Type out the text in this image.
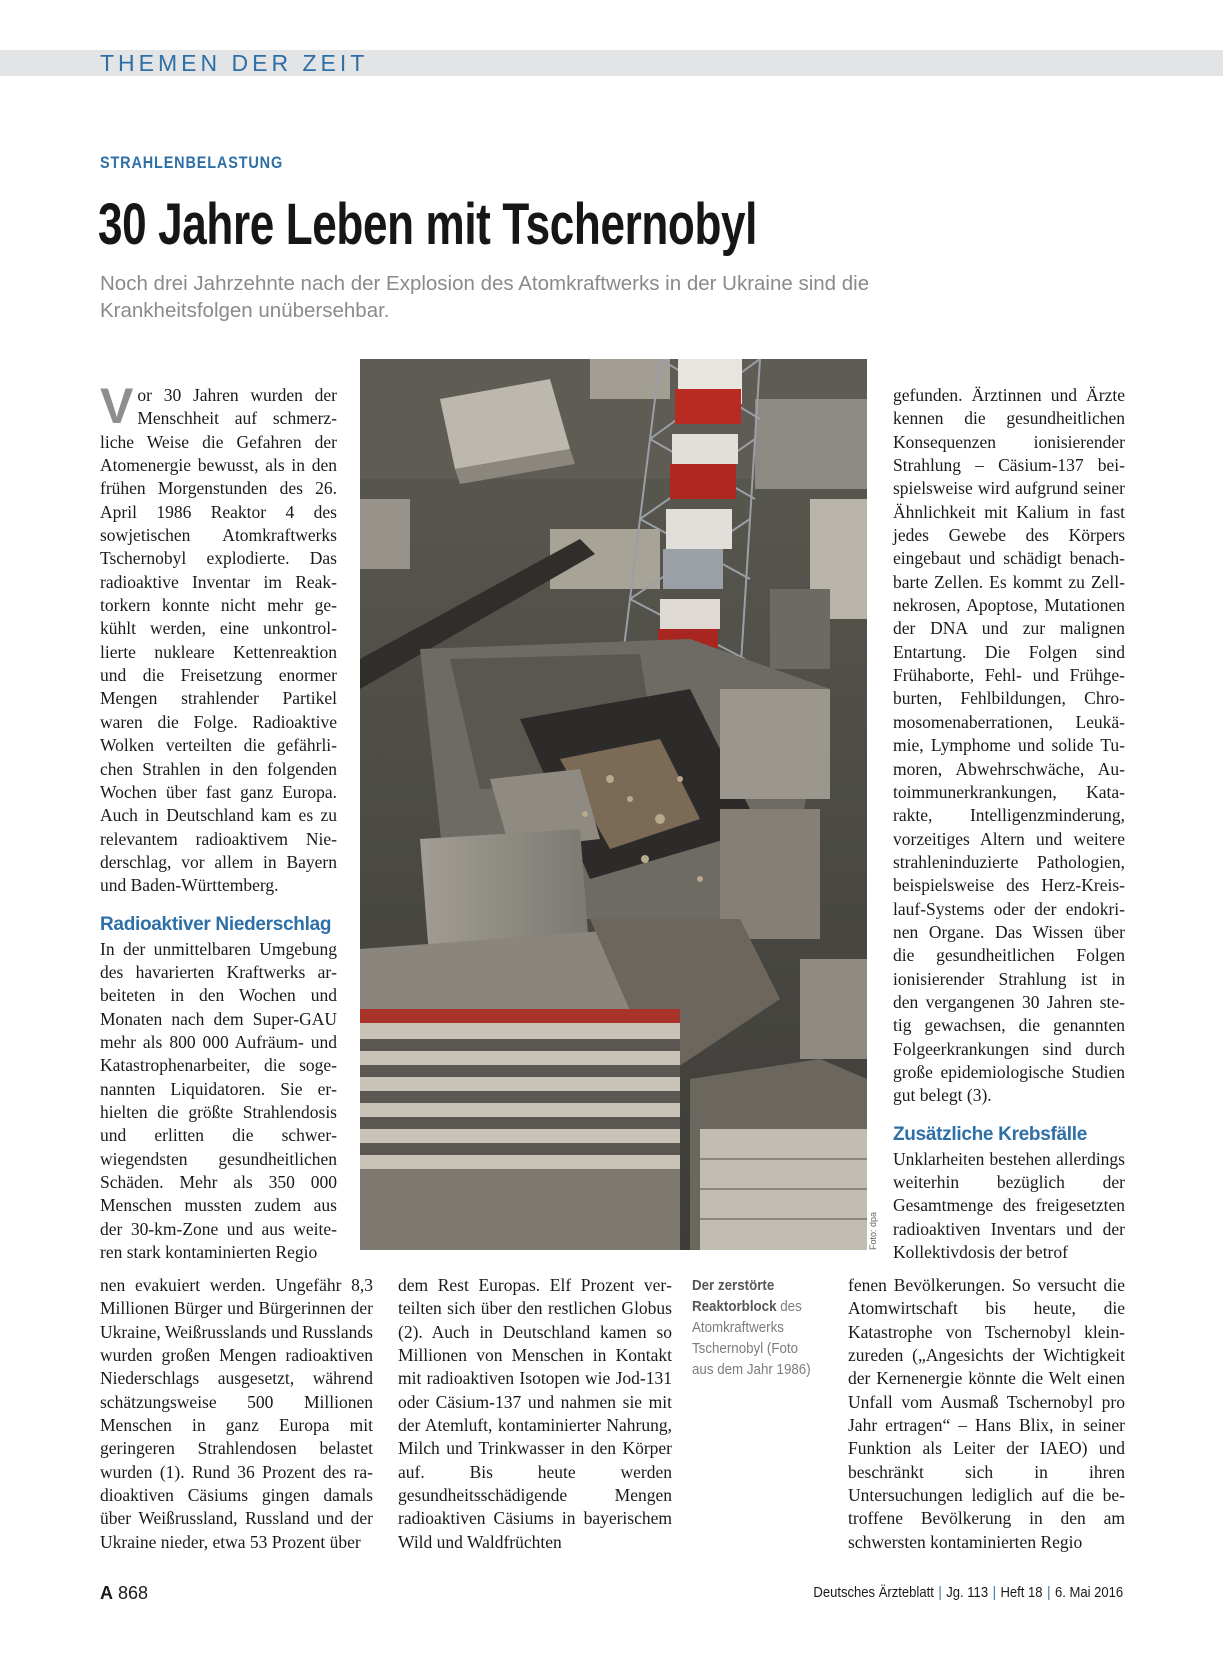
THEMEN DER ZEIT
STRAHLENBELASTUNG
30 Jahre Leben mit Tschernobyl
Noch drei Jahrzehnte nach der Explosion des Atomkraftwerks in der Ukraine sind die Krankheitsfolgen unübersehbar.

Vor 30 Jahren wurden der Menschheit auf schmerzliche Weise die Gefahren der Atomenergie bewusst, als in den frühen Morgenstunden des 26. April 1986 Reaktor 4 des sowjetischen Atomkraftwerks Tschernobyl explodierte. Das radioaktive Inventar im Reaktorkern konnte nicht mehr gekühlt werden, eine unkontrollierte nukleare Kettenreaktion und die Freisetzung enormer Mengen strahlender Partikel waren die Folge. Radioaktive Wolken verteilten die gefährlichen Strahlen in den folgenden Wochen über fast ganz Europa. Auch in Deutschland kam es zu relevantem radioaktivem Niederschlag, vor allem in Bayern und Baden-Württemberg.

Radioaktiver Niederschlag

In der unmittelbaren Umgebung des havarierten Kraftwerks arbeiteten in den Wochen und Monaten nach dem Super-GAU mehr als 800 000 Aufräum- und Katastrophenarbeiter, die sogenannten Liquidatoren. Sie erhielten die größte Strahlendosis und erlitten die schwerwiegendsten gesundheitlichen Schäden. Mehr als 350 000 Menschen mussten zudem aus der 30-km-Zone und aus weiteren stark kontaminierten Regio

nen evakuiert werden. Ungefähr 8,3 Millionen Bürger und Bürgerinnen der Ukraine, Weißrusslands und Russlands wurden großen Mengen radioaktiven Niederschlags ausgesetzt, während schätzungsweise 500 Millionen Menschen in ganz Europa mit geringeren Strahlendosen belastet wurden (1). Rund 36 Prozent des radioaktiven Cäsiums gingen damals über Weißrussland, Russland und der Ukraine nieder, etwa 53 Prozent über

dem Rest Europas. Elf Prozent verteilten sich über den restlichen Globus (2). Auch in Deutschland kamen so Millionen von Menschen in Kontakt mit radioaktiven Isotopen wie Jod-131 oder Cäsium-137 und nahmen sie mit der Atemluft, kontaminierter Nahrung, Milch und Trinkwasser in den Körper auf. Bis heute werden gesundheitsschädigende Mengen radioaktiven Cäsiums in bayerischem Wild und Waldfrüchten

gefunden. Ärztinnen und Ärzte kennen die gesundheitlichen Konsequenzen ionisierender Strahlung – Cäsium-137 beispielsweise wird aufgrund seiner Ähnlichkeit mit Kalium in fast jedes Gewebe des Körpers eingebaut und schädigt benachbarte Zellen. Es kommt zu Zellnekrosen, Apoptose, Mutationen der DNA und zur malignen Entartung. Die Folgen sind Frühaborte, Fehl- und Frühgeburten, Fehlbildungen, Chromosomenaberrationen, Leukämie, Lymphome und solide Tumoren, Abwehrschwäche, Autoimmunerkrankungen, Katarakte, Intelligenzminderung, vorzeitiges Altern und weitere strahleninduzierte Pathologien, beispielsweise des Herz-Kreislauf-Systems oder der endokrinen Organe. Das Wissen über die gesundheitlichen Folgen ionisierender Strahlung ist in den vergangenen 30 Jahren stetig gewachsen, die genannten Folgeerkrankungen sind durch große epidemiologische Studien gut belegt (3).

Zusätzliche Krebsfälle

Unklarheiten bestehen allerdings weiterhin bezüglich der Gesamtmenge des freigesetzten radioaktiven Inventars und der Kollektivdosis der betrof

fenen Bevölkerungen. So versucht die Atomwirtschaft bis heute, die Katastrophe von Tschernobyl kleinzureden („Angesichts der Wichtigkeit der Kernenergie könnte die Welt einen Unfall vom Ausmaß Tschernobyl pro Jahr ertragen“ – Hans Blix, in seiner Funktion als Leiter der IAEO) und beschränkt sich in ihren Untersuchungen lediglich auf die betroffene Bevölkerung in den am schwersten kontaminierten Regio

Foto: dpa
Der zerstörte Reaktorblock des Atomkraftwerks Tschernobyl (Foto aus dem Jahr 1986)
A 868	Deutsches Ärzteblatt | Jg. 113 | Heft 18 | 6. Mai 2016
